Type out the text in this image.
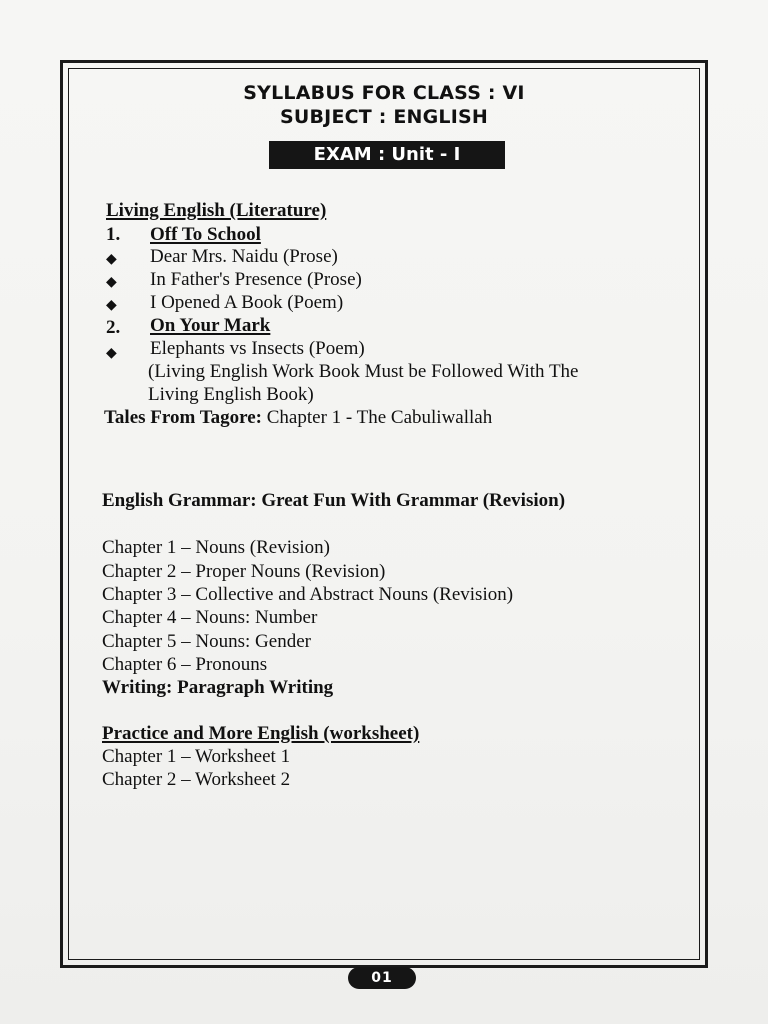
SYLLABUS FOR CLASS : VI
SUBJECT : ENGLISH
EXAM : Unit - I
Living English (Literature)
1. Off To School
◆ Dear Mrs. Naidu (Prose)
◆ In Father's Presence (Prose)
◆ I Opened A Book (Poem)
2. On Your Mark
◆ Elephants vs Insects (Poem)
(Living English Work Book Must be Followed With The
Living English Book)
Tales From Tagore: Chapter 1 - The Cabuliwallah
English Grammar: Great Fun With Grammar (Revision)
Chapter 1 – Nouns (Revision)
Chapter 2 – Proper Nouns (Revision)
Chapter 3 – Collective and Abstract Nouns (Revision)
Chapter 4 – Nouns: Number
Chapter 5 – Nouns: Gender
Chapter 6 – Pronouns
Writing: Paragraph Writing
Practice and More English (worksheet)
Chapter 1 – Worksheet 1
Chapter 2 – Worksheet 2
01
